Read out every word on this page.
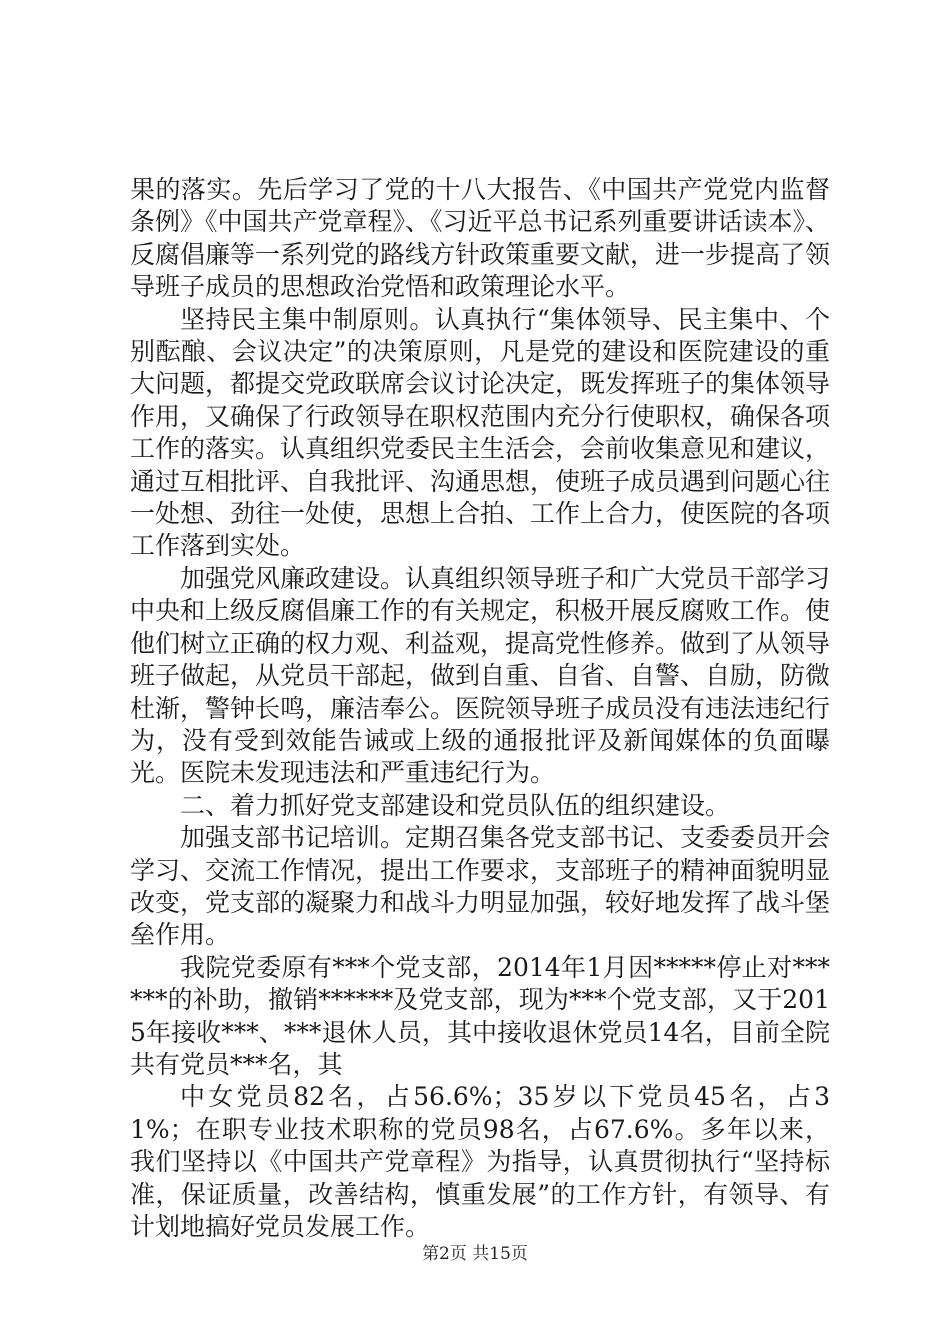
果的落实。先后学习了党的十八大报告、《中国共产党党内监督条例》《中国共产党章程》、《习近平总书记系列重要讲话读本》、反腐倡廉等一系列党的路线方针政策重要文献，进一步提高了领导班子成员的思想政治党悟和政策理论水平。

坚持民主集中制原则。认真执行“集体领导、民主集中、个别酝酿、会议决定”的决策原则，凡是党的建设和医院建设的重大问题，都提交党政联席会议讨论决定，既发挥班子的集体领导作用，又确保了行政领导在职权范围内充分行使职权，确保各项工作的落实。认真组织党委民主生活会，会前收集意见和建议，通过互相批评、自我批评、沟通思想，使班子成员遇到问题心往一处想、劲往一处使，思想上合拍、工作上合力，使医院的各项工作落到实处。

加强党风廉政建设。认真组织领导班子和广大党员干部学习中央和上级反腐倡廉工作的有关规定，积极开展反腐败工作。使他们树立正确的权力观、利益观，提高党性修养。做到了从领导班子做起，从党员干部起，做到自重、自省、自警、自励，防微杜渐，警钟长鸣，廉洁奉公。医院领导班子成员没有违法违纪行为，没有受到效能告诫或上级的通报批评及新闻媒体的负面曝光。医院未发现违法和严重违纪行为。

二、着力抓好党支部建设和党员队伍的组织建设。

加强支部书记培训。定期召集各党支部书记、支委委员开会学习、交流工作情况，提出工作要求，支部班子的精神面貌明显改变，党支部的凝聚力和战斗力明显加强，较好地发挥了战斗堡垒作用。

我院党委原有***个党支部，2014年1月因*****停止对******的补助，撤销******及党支部，现为***个党支部，又于2015年接收***、***退休人员，其中接收退休党员14名，目前全院共有党员***名，其

中女党员82名，占56.6%；35岁以下党员45名，占31%；在职专业技术职称的党员98名，占67.6%。多年以来，我们坚持以《中国共产党章程》为指导，认真贯彻执行“坚持标准，保证质量，改善结构，慎重发展”的工作方针，有领导、有计划地搞好党员发展工作。

第2页 共15页
